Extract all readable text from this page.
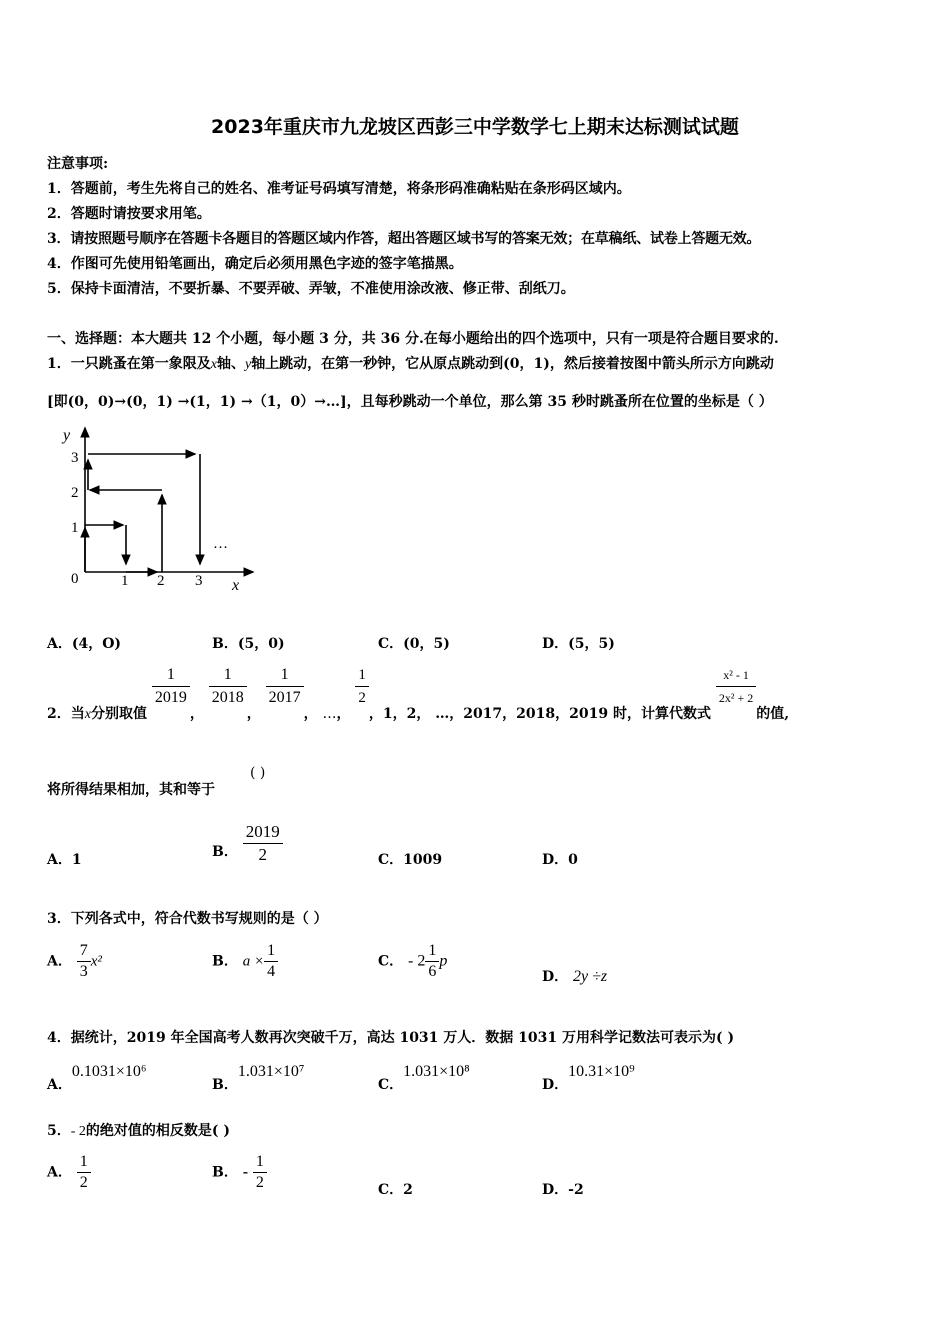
2023年重庆市九龙坡区西彭三中学数学七上期末达标测试试题
注意事项:
1．答题前，考生先将自己的姓名、准考证号码填写清楚，将条形码准确粘贴在条形码区域内。
2．答题时请按要求用笔。
3．请按照题号顺序在答题卡各题目的答题区域内作答，超出答题区域书写的答案无效；在草稿纸、试卷上答题无效。
4．作图可先使用铅笔画出，确定后必须用黑色字迹的签字笔描黑。
5．保持卡面清洁，不要折暴、不要弄破、弄皱，不准使用涂改液、修正带、刮纸刀。
一、选择题：本大题共 12 个小题，每小题 3 分，共 36 分.在每小题给出的四个选项中，只有一项是符合题目要求的.
1．一只跳蚤在第一象限及x轴、y轴上跳动，在第一秒钟，它从原点跳动到(0，1)，然后接着按图中箭头所示方向跳动
[即(0，0)→(0，1) →(1，1) →（1，0）→…]，且每秒跳动一个单位，那么第 35 秒时跳蚤所在位置的坐标是（ ）
y
3
2
1
0	1 2 3 x
…
A．(4，O)	B．(5，0)	C．(0，5)	D．(5，5)
2．当x分别取值
$\frac{1}{2019}$
，
$\frac{1}{2018}$
，
$\frac{1}{2017}$
， …，
$\frac{1}{2}$
，1，2， …，2017，2018，2019 时，计算代数式
$\frac{\text{x² - 1}}{\text{2x² + 2}}$
的值,
将所得结果相加，其和等于
( )
A．1
B． $\frac{2019}{2}$	C．1009	D．0
3．下列各式中，符合代数书写规则的是（ ）
A． $\frac{7}{3} x^2$	B． $a \times \frac{1}{4}$	C． - $2 \frac{1}{6}$ p
D． 2y ÷z
4．据统计，2019 年全国高考人数再次突破千万，高达 1031 万人．数据 1031 万用科学记数法可表示为( )
A．0.1031×10⁶
B．1.031×10⁷
C．1.031×10⁸
D．10.31×10⁹
5．- 2的绝对值的相反数是( )
A． $\frac{1}{2}$	B． - $\frac{1}{2}$	C．2	D．-2
